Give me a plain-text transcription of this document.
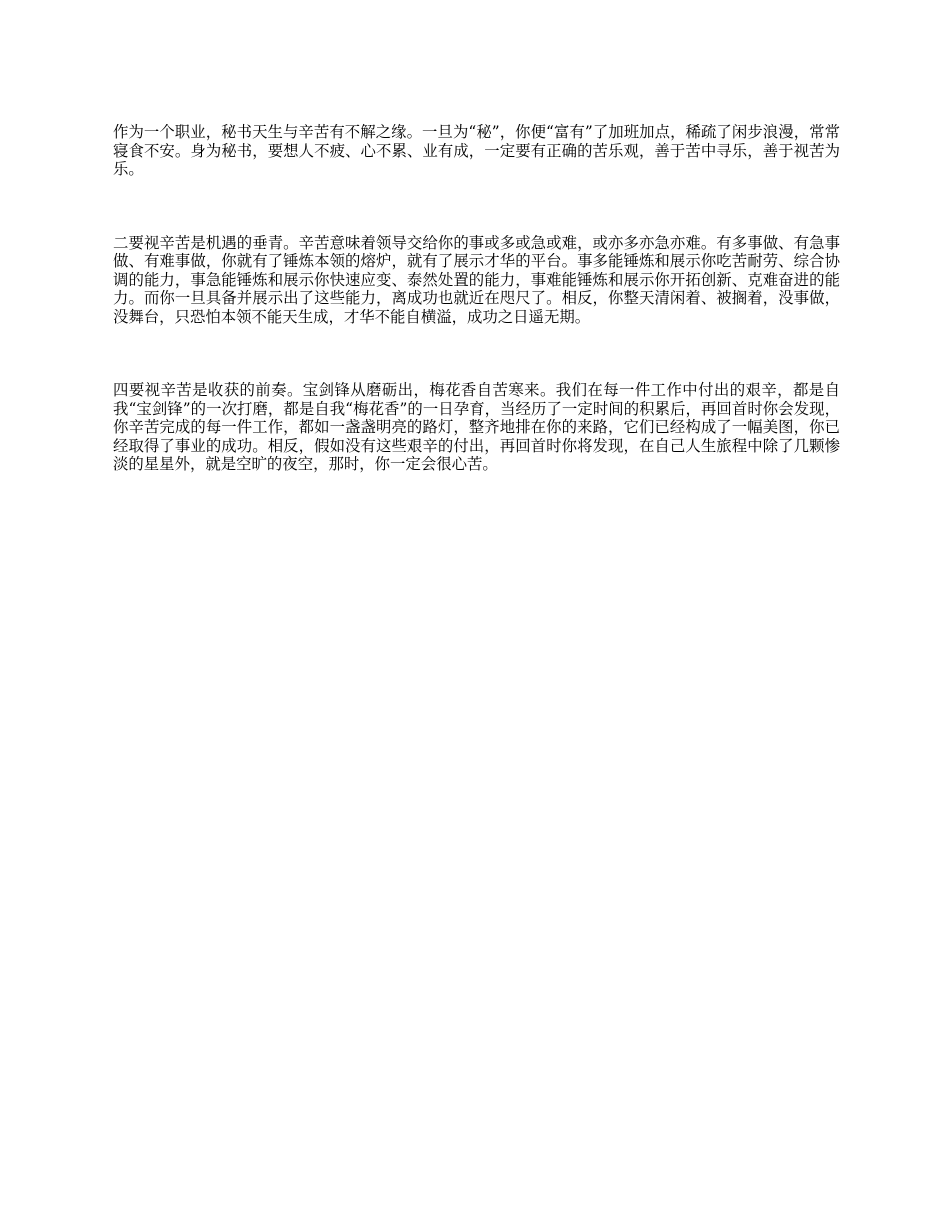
作为一个职业，秘书天生与辛苦有不解之缘。一旦为“秘”，你便“富有”了加班加点，稀疏了闲步浪漫，常常寝食不安。身为秘书，要想人不疲、心不累、业有成，一定要有正确的苦乐观，善于苦中寻乐，善于视苦为乐。

二要视辛苦是机遇的垂青。辛苦意味着领导交给你的事或多或急或难，或亦多亦急亦难。有多事做、有急事做、有难事做，你就有了锤炼本领的熔炉，就有了展示才华的平台。事多能锤炼和展示你吃苦耐劳、综合协调的能力，事急能锤炼和展示你快速应变、泰然处置的能力，事难能锤炼和展示你开拓创新、克难奋进的能力。而你一旦具备并展示出了这些能力，离成功也就近在咫尺了。相反，你整天清闲着、被搁着，没事做，没舞台，只恐怕本领不能天生成，才华不能自横溢，成功之日遥无期。

四要视辛苦是收获的前奏。宝剑锋从磨砺出，梅花香自苦寒来。我们在每一件工作中付出的艰辛，都是自我“宝剑锋”的一次打磨，都是自我“梅花香”的一日孕育，当经历了一定时间的积累后，再回首时你会发现，你辛苦完成的每一件工作，都如一盏盏明亮的路灯，整齐地排在你的来路，它们已经构成了一幅美图，你已经取得了事业的成功。相反，假如没有这些艰辛的付出，再回首时你将发现，在自己人生旅程中除了几颗惨淡的星星外，就是空旷的夜空，那时，你一定会很心苦。
